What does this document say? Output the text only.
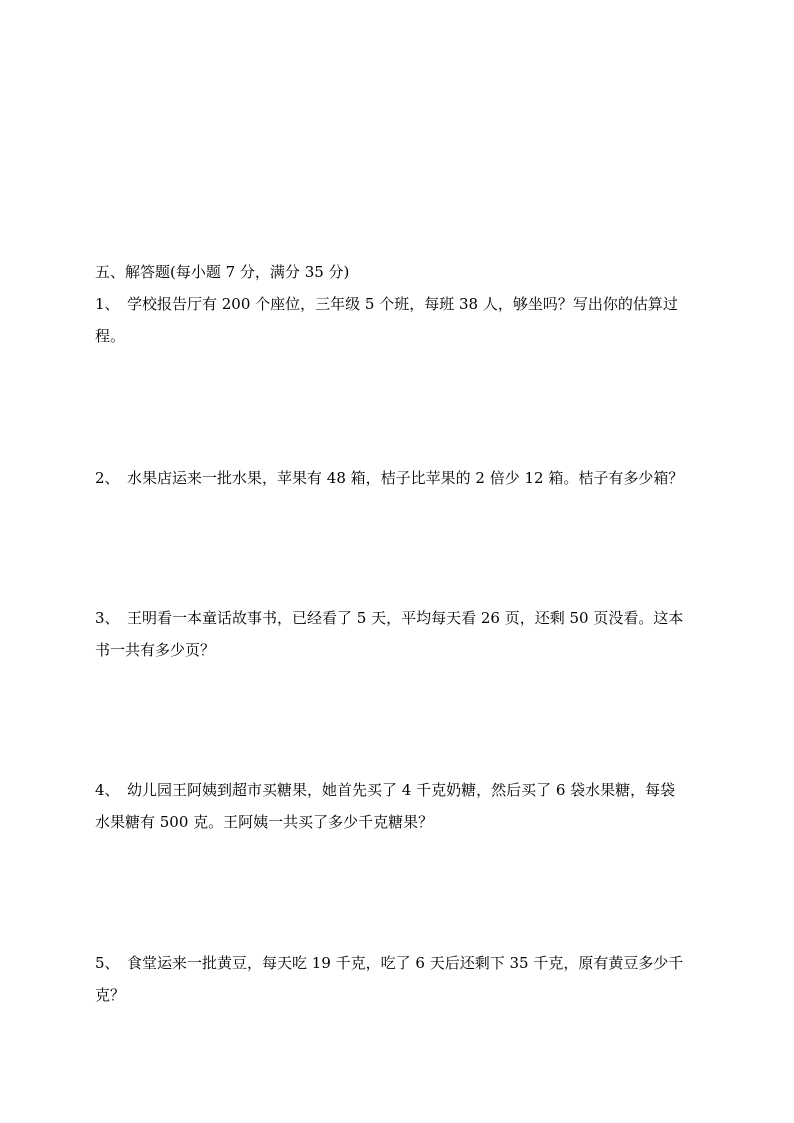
五、解答题(每小题 7 分，满分 35 分)
1、 学校报告厅有 200 个座位，三年级 5 个班，每班 38 人，够坐吗？写出你的估算过
程。
2、 水果店运来一批水果，苹果有 48 箱，桔子比苹果的 2 倍少 12 箱。桔子有多少箱？
3、 王明看一本童话故事书，已经看了 5 天，平均每天看 26 页，还剩 50 页没看。这本
书一共有多少页？
4、 幼儿园王阿姨到超市买糖果，她首先买了 4 千克奶糖，然后买了 6 袋水果糖，每袋
水果糖有 500 克。王阿姨一共买了多少千克糖果？
5、 食堂运来一批黄豆，每天吃 19 千克，吃了 6 天后还剩下 35 千克，原有黄豆多少千
克？
